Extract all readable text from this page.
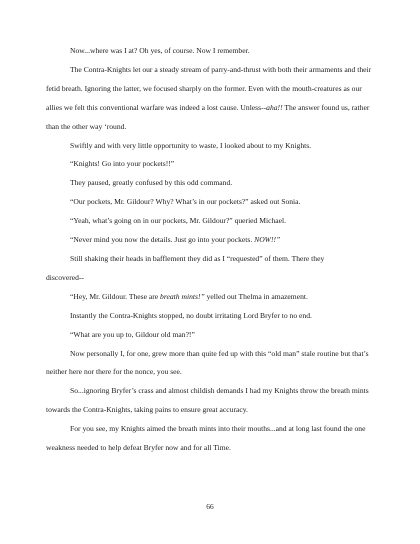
Now...where was I at? Oh yes, of course. Now I remember.

The Contra-Knights let our a steady stream of parry-and-thrust with both their armaments and their fetid breath. Ignoring the latter, we focused sharply on the former. Even with the mouth-creatures as our allies we felt this conventional warfare was indeed a lost cause. Unless--aha!! The answer found us, rather than the other way ‘round.

Swiftly and with very little opportunity to waste, I looked about to my Knights.

“Knights! Go into your pockets!!”

They paused, greatly confused by this odd command.

“Our pockets, Mr. Gildour? Why? What’s in our pockets?” asked out Sonia.

“Yeah, what’s going on in our pockets, Mr. Gildour?” queried Michael.

“Never mind you now the details. Just go into your pockets. NOW!!”

Still shaking their heads in bafflement they did as I “requested” of them. There they

discovered--

“Hey, Mr. Gildour. These are breath mints!” yelled out Thelma in amazement.

Instantly the Contra-Knights stopped, no doubt irritating Lord Bryfer to no end.

“What are you up to, Gildour old man?!”

Now personally I, for one, grew more than quite fed up with this “old man” stale routine but that’s neither here nor there for the nonce, you see.

So...ignoring Bryfer’s crass and almost childish demands I had my Knights throw the breath mints towards the Contra-Knights, taking pains to ensure great accuracy.

For you see, my Knights aimed the breath mints into their mouths...and at long last found the one weakness needed to help defeat Bryfer now and for all Time.

66
